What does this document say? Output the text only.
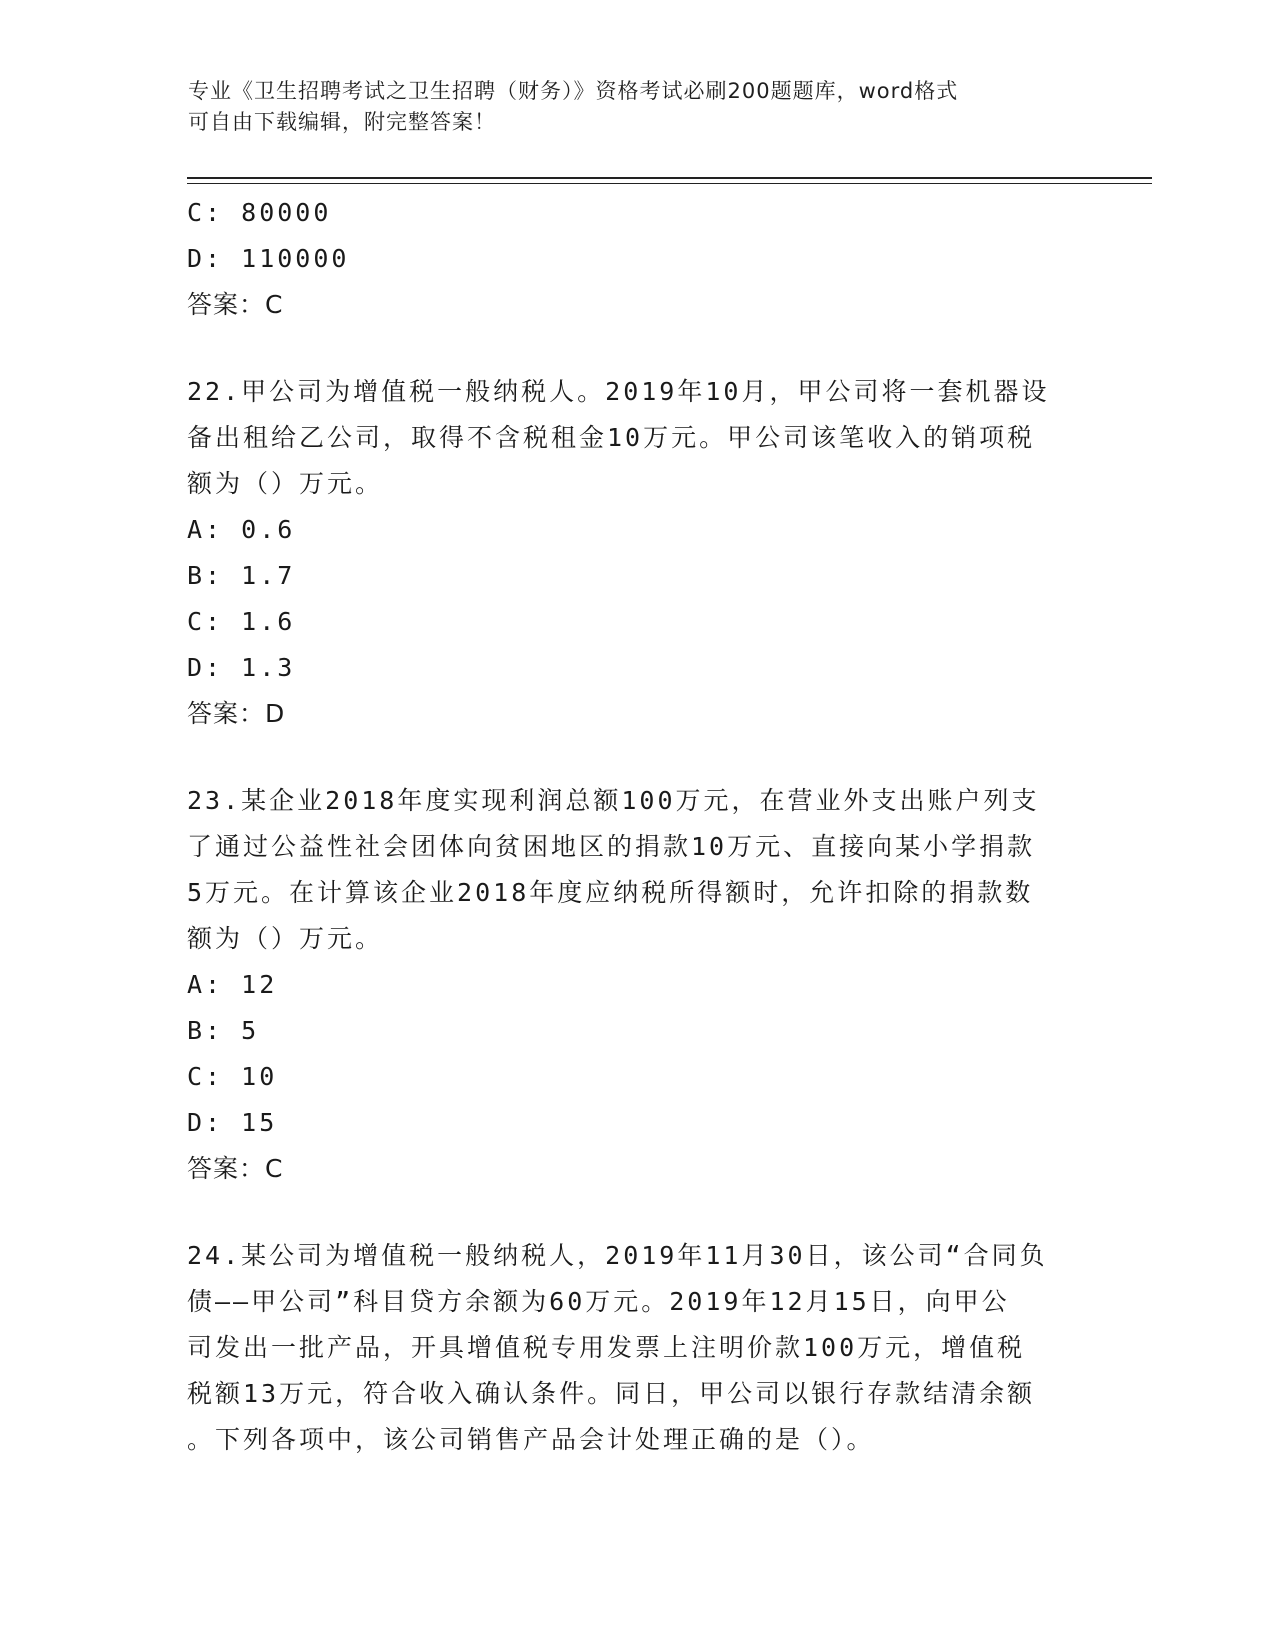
专业《卫生招聘考试之卫生招聘（财务）》资格考试必刷200题题库，word格式
可自由下载编辑，附完整答案！
C: 80000
D: 110000
答案：C
22.甲公司为增值税一般纳税人。2019年10月，甲公司将一套机器设
备出租给乙公司，取得不含税租金10万元。甲公司该笔收入的销项税
额为（）万元。
A: 0.6
B: 1.7
C: 1.6
D: 1.3
答案：D
23.某企业2018年度实现利润总额100万元，在营业外支出账户列支
了通过公益性社会团体向贫困地区的捐款10万元、直接向某小学捐款
5万元。在计算该企业2018年度应纳税所得额时，允许扣除的捐款数
额为（）万元。
A: 12
B: 5
C: 10
D: 15
答案：C
24.某公司为增值税一般纳税人，2019年11月30日，该公司“合同负
债——甲公司”科目贷方余额为60万元。2019年12月15日，向甲公
司发出一批产品，开具增值税专用发票上注明价款100万元，增值税
税额13万元，符合收入确认条件。同日，甲公司以银行存款结清余额
。下列各项中，该公司销售产品会计处理正确的是（）。
